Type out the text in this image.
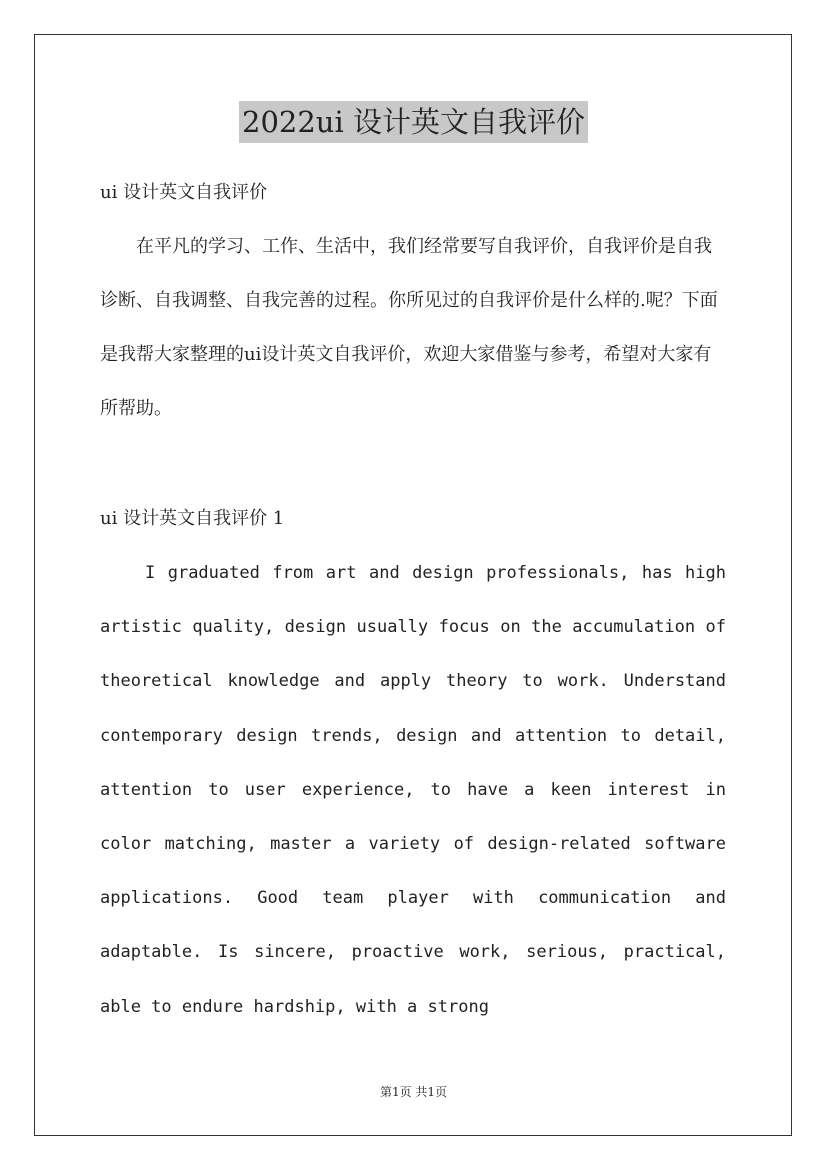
2022ui 设计英文自我评价
ui 设计英文自我评价

在平凡的学习、工作、生活中，我们经常要写自我评价，自我评价是自我诊断、自我调整、自我完善的过程。你所见过的自我评价是什么样的.呢？下面是我帮大家整理的ui设计英文自我评价，欢迎大家借鉴与参考，希望对大家有所帮助。

ui 设计英文自我评价 1

I graduated from art and design professionals, has high artistic quality, design usually focus on the accumulation of theoretical knowledge and apply theory to work. Understand contemporary design trends, design and attention to detail, attention to user experience, to have a keen interest in color matching, master a variety of design-related software applications. Good team player with communication and adaptable. Is sincere, proactive work, serious, practical, able to endure hardship, with a strong

第1页 共1页
